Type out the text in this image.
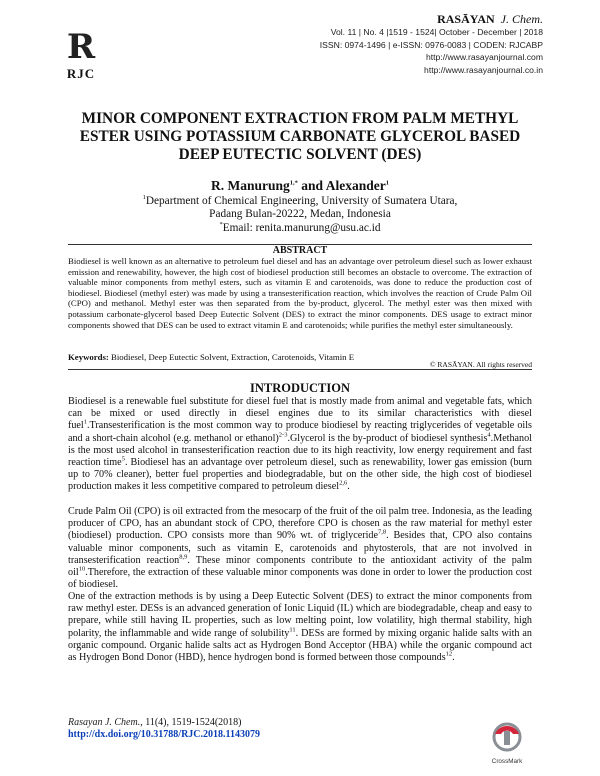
R
RJC
RASĀYAN J. Chem.
Vol. 11 | No. 4 |1519 - 1524| October - December | 2018
ISSN: 0974-1496 | e-ISSN: 0976-0083 | CODEN: RJCABP
http://www.rasayanjournal.com
http://www.rasayanjournal.co.in
MINOR COMPONENT EXTRACTION FROM PALM METHYL
ESTER USING POTASSIUM CARBONATE GLYCEROL BASED
DEEP EUTECTIC SOLVENT (DES)
R. Manurung$^{1,*}$ and Alexander$^1$
$^1$Department of Chemical Engineering, University of Sumatera Utara,
Padang Bulan-20222, Medan, Indonesia
*Email: renita.manurung@usu.ac.id
ABSTRACT
Biodiesel is well known as an alternative to petroleum fuel diesel and has an advantage over petroleum diesel such as lower exhaust emission and renewability, however, the high cost of biodiesel production still becomes an obstacle to overcome. The extraction of valuable minor components from methyl esters, such as vitamin E and carotenoids, was done to reduce the production cost of biodiesel. Biodiesel (methyl ester) was made by using a transesterification reaction, which involves the reaction of Crude Palm Oil (CPO) and methanol. Methyl ester was then separated from the by-product, glycerol. The methyl ester was then mixed with potassium carbonate-glycerol based Deep Eutectic Solvent (DES) to extract the minor components. DES usage to extract minor components showed that DES can be used to extract vitamin E and carotenoids; while purifies the methyl ester simultaneously.
Keywords: Biodiesel, Deep Eutectic Solvent, Extraction, Carotenoids, Vitamin E
© RASĀYAN. All rights reserved
INTRODUCTION
Biodiesel is a renewable fuel substitute for diesel fuel that is mostly made from animal and vegetable fats, which can be mixed or used directly in diesel engines due to its similar characteristics with diesel fuel$^1$.Transesterification is the most common way to produce biodiesel by reacting triglycerides of vegetable oils and a short-chain alcohol (e.g. methanol or ethanol)$^{2-3}$.Glycerol is the by-product of biodiesel synthesis$^4$.Methanol is the most used alcohol in transesterification reaction due to its high reactivity, low energy requirement and fast reaction time$^5$. Biodiesel has an advantage over petroleum diesel, such as renewability, lower gas emission (burn up to 70% cleaner), better fuel properties and biodegradable, but on the other side, the high cost of biodiesel production makes it less competitive compared to petroleum diesel$^{2,6}$.
Crude Palm Oil (CPO) is oil extracted from the mesocarp of the fruit of the oil palm tree. Indonesia, as the leading producer of CPO, has an abundant stock of CPO, therefore CPO is chosen as the raw material for methyl ester (biodiesel) production. CPO consists more than 90% wt. of triglyceride$^{7,8}$. Besides that, CPO also contains valuable minor components, such as vitamin E, carotenoids and phytosterols, that are not involved in transesterification reaction$^{8,9}$. These minor components contribute to the antioxidant activity of the palm oil$^{10}$.Therefore, the extraction of these valuable minor components was done in order to lower the production cost of biodiesel.
One of the extraction methods is by using a Deep Eutectic Solvent (DES) to extract the minor components from raw methyl ester. DESs is an advanced generation of Ionic Liquid (IL) which are biodegradable, cheap and easy to prepare, while still having IL properties, such as low melting point, low volatility, high thermal stability, high polarity, the inflammable and wide range of solubility$^{11}$. DESs are formed by mixing organic halide salts with an organic compound. Organic halide salts act as Hydrogen Bond Acceptor (HBA) while the organic compound act as Hydrogen Bond Donor (HBD), hence hydrogen bond is formed between those compounds$^{12}$.
Rasayan J. Chem., 11(4), 1519-1524(2018)
http://dx.doi.org/10.31788/RJC.2018.1143079
CrossMark
